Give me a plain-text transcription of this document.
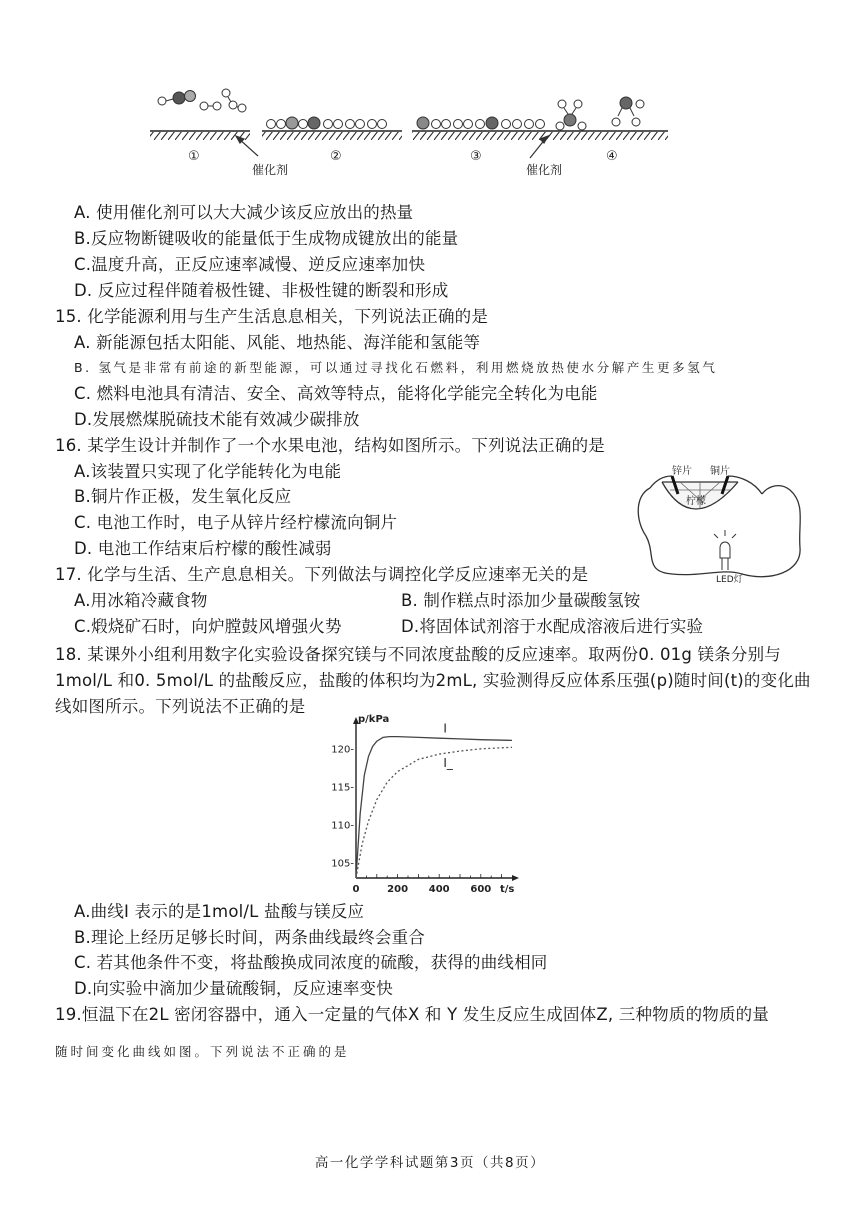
①	②	③	④
催化剂	催化剂
A. 使用催化剂可以大大减少该反应放出的热量
B.反应物断键吸收的能量低于生成物成键放出的能量
C.温度升高，正反应速率减慢、逆反应速率加快
D. 反应过程伴随着极性键、非极性键的断裂和形成
15. 化学能源利用与生产生活息息相关，下列说法正确的是
A. 新能源包括太阳能、风能、地热能、海洋能和氢能等
B. 氢气是非常有前途的新型能源，可以通过寻找化石燃料，利用燃烧放热使水分解产生更多氢气
C. 燃料电池具有清洁、安全、高效等特点，能将化学能完全转化为电能
D.发展燃煤脱硫技术能有效减少碳排放
16. 某学生设计并制作了一个水果电池，结构如图所示。下列说法正确的是
A.该装置只实现了化学能转化为电能
B.铜片作正极，发生氧化反应
C. 电池工作时，电子从锌片经柠檬流向铜片
D. 电池工作结束后柠檬的酸性减弱
锌片 铜片
柠檬
LED灯
17. 化学与生活、生产息息相关。下列做法与调控化学反应速率无关的是
A.用冰箱冷藏食物	B. 制作糕点时添加少量碳酸氢铵
C.煅烧矿石时，向炉膛鼓风增强火势	D.将固体试剂溶于水配成溶液后进行实验
18. 某课外小组利用数字化实验设备探究镁与不同浓度盐酸的反应速率。取两份0. 01g 镁条分别与
1mol/L 和0. 5mol/L 的盐酸反应，盐酸的体积均为2mL, 实验测得反应体系压强(p)随时间(t)的变化曲
线如图所示。下列说法不正确的是
0	200 400 600
105-
110-
115-
120-
p/kPa
t/s
I
I_
A.曲线I 表示的是1mol/L 盐酸与镁反应
B.理论上经历足够长时间，两条曲线最终会重合
C. 若其他条件不变，将盐酸换成同浓度的硫酸，获得的曲线相同
D.向实验中滴加少量硫酸铜，反应速率变快
19.恒温下在2L 密闭容器中，通入一定量的气体X 和 Y 发生反应生成固体Z, 三种物质的物质的量
随时间变化曲线如图。下列说法不正确的是
高一化学学科试题第3页（共8页）
